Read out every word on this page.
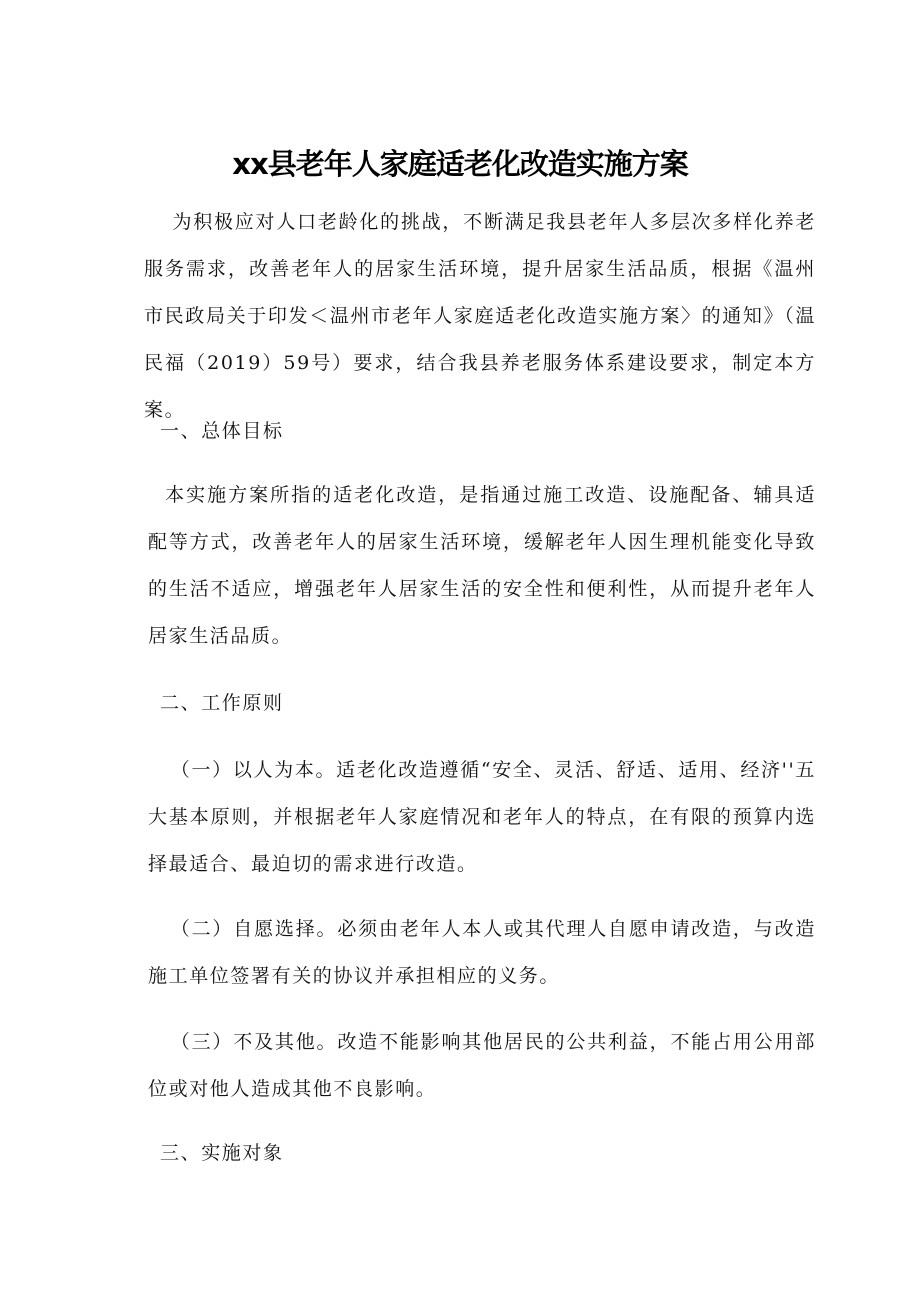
xx县老年人家庭适老化改造实施方案
为积极应对人口老龄化的挑战，不断满足我县老年人多层次多样化养老服务需求，改善老年人的居家生活环境，提升居家生活品质，根据《温州市民政局关于印发＜温州市老年人家庭适老化改造实施方案〉的通知》（温民福（2019）59号）要求，结合我县养老服务体系建设要求，制定本方案。
一、总体目标
本实施方案所指的适老化改造，是指通过施工改造、设施配备、辅具适配等方式，改善老年人的居家生活环境，缓解老年人因生理机能变化导致的生活不适应，增强老年人居家生活的安全性和便利性，从而提升老年人居家生活品质。
二、工作原则
（一）以人为本。适老化改造遵循“安全、灵活、舒适、适用、经济''五大基本原则，并根据老年人家庭情况和老年人的特点，在有限的预算内选择最适合、最迫切的需求进行改造。
（二）自愿选择。必须由老年人本人或其代理人自愿申请改造，与改造施工单位签署有关的协议并承担相应的义务。
（三）不及其他。改造不能影响其他居民的公共利益，不能占用公用部位或对他人造成其他不良影响。
三、实施对象
